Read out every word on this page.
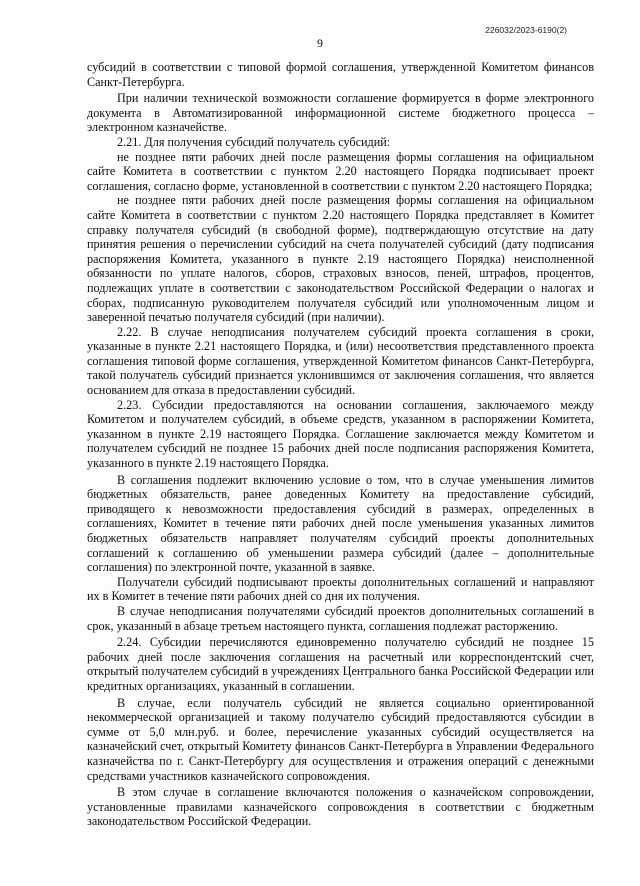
226032/2023-6190(2)
9

субсидий в соответствии с типовой формой соглашения, утвержденной Комитетом финансов Санкт-Петербурга.

При наличии технической возможности соглашение формируется в форме электронного документа в Автоматизированной информационной системе бюджетного процесса – электронном казначействе.

2.21. Для получения субсидий получатель субсидий:

не позднее пяти рабочих дней после размещения формы соглашения на официальном сайте Комитета в соответствии с пунктом 2.20 настоящего Порядка подписывает проект соглашения, согласно форме, установленной в соответствии с пунктом 2.20 настоящего Порядка;

не позднее пяти рабочих дней после размещения формы соглашения на официальном сайте Комитета в соответствии с пунктом 2.20 настоящего Порядка представляет в Комитет справку получателя субсидий (в свободной форме), подтверждающую отсутствие на дату принятия решения о перечислении субсидий на счета получателей субсидий (дату подписания распоряжения Комитета, указанного в пункте 2.19 настоящего Порядка) неисполненной обязанности по уплате налогов, сборов, страховых взносов, пеней, штрафов, процентов, подлежащих уплате в соответствии с законодательством Российской Федерации о налогах и сборах, подписанную руководителем получателя субсидий или уполномоченным лицом и заверенной печатью получателя субсидий (при наличии).

2.22. В случае неподписания получателем субсидий проекта соглашения в сроки, указанные в пункте 2.21 настоящего Порядка, и (или) несоответствия представленного проекта соглашения типовой форме соглашения, утвержденной Комитетом финансов Санкт-Петербурга, такой получатель субсидий признается уклонившимся от заключения соглашения, что является основанием для отказа в предоставлении субсидий.

2.23. Субсидии предоставляются на основании соглашения, заключаемого между Комитетом и получателем субсидий, в объеме средств, указанном в распоряжении Комитета, указанном в пункте 2.19 настоящего Порядка. Соглашение заключается между Комитетом и получателем субсидий не позднее 15 рабочих дней после подписания распоряжения Комитета, указанного в пункте 2.19 настоящего Порядка.

В соглашения подлежит включению условие о том, что в случае уменьшения лимитов бюджетных обязательств, ранее доведенных Комитету на предоставление субсидий, приводящего к невозможности предоставления субсидий в размерах, определенных в соглашениях, Комитет в течение пяти рабочих дней после уменьшения указанных лимитов бюджетных обязательств направляет получателям субсидий проекты дополнительных соглашений к соглашению об уменьшении размера субсидий (далее – дополнительные соглашения) по электронной почте, указанной в заявке.

Получатели субсидий подписывают проекты дополнительных соглашений и направляют их в Комитет в течение пяти рабочих дней со дня их получения.

В случае неподписания получателями субсидий проектов дополнительных соглашений в срок, указанный в абзаце третьем настоящего пункта, соглашения подлежат расторжению.

2.24. Субсидии перечисляются единовременно получателю субсидий не позднее 15 рабочих дней после заключения соглашения на расчетный или корреспондентский счет, открытый получателем субсидий в учреждениях Центрального банка Российской Федерации или кредитных организациях, указанный в соглашении.

В случае, если получатель субсидий не является социально ориентированной некоммерческой организацией и такому получателю субсидий предоставляются субсидии в сумме от 5,0 млн.руб. и более, перечисление указанных субсидий осуществляется на казначейский счет, открытый Комитету финансов Санкт-Петербурга в Управлении Федерального казначейства по г. Санкт-Петербургу для осуществления и отражения операций с денежными средствами участников казначейского сопровождения.

В этом случае в соглашение включаются положения о казначейском сопровождении, установленные правилами казначейского сопровождения в соответствии с бюджетным законодательством Российской Федерации.
